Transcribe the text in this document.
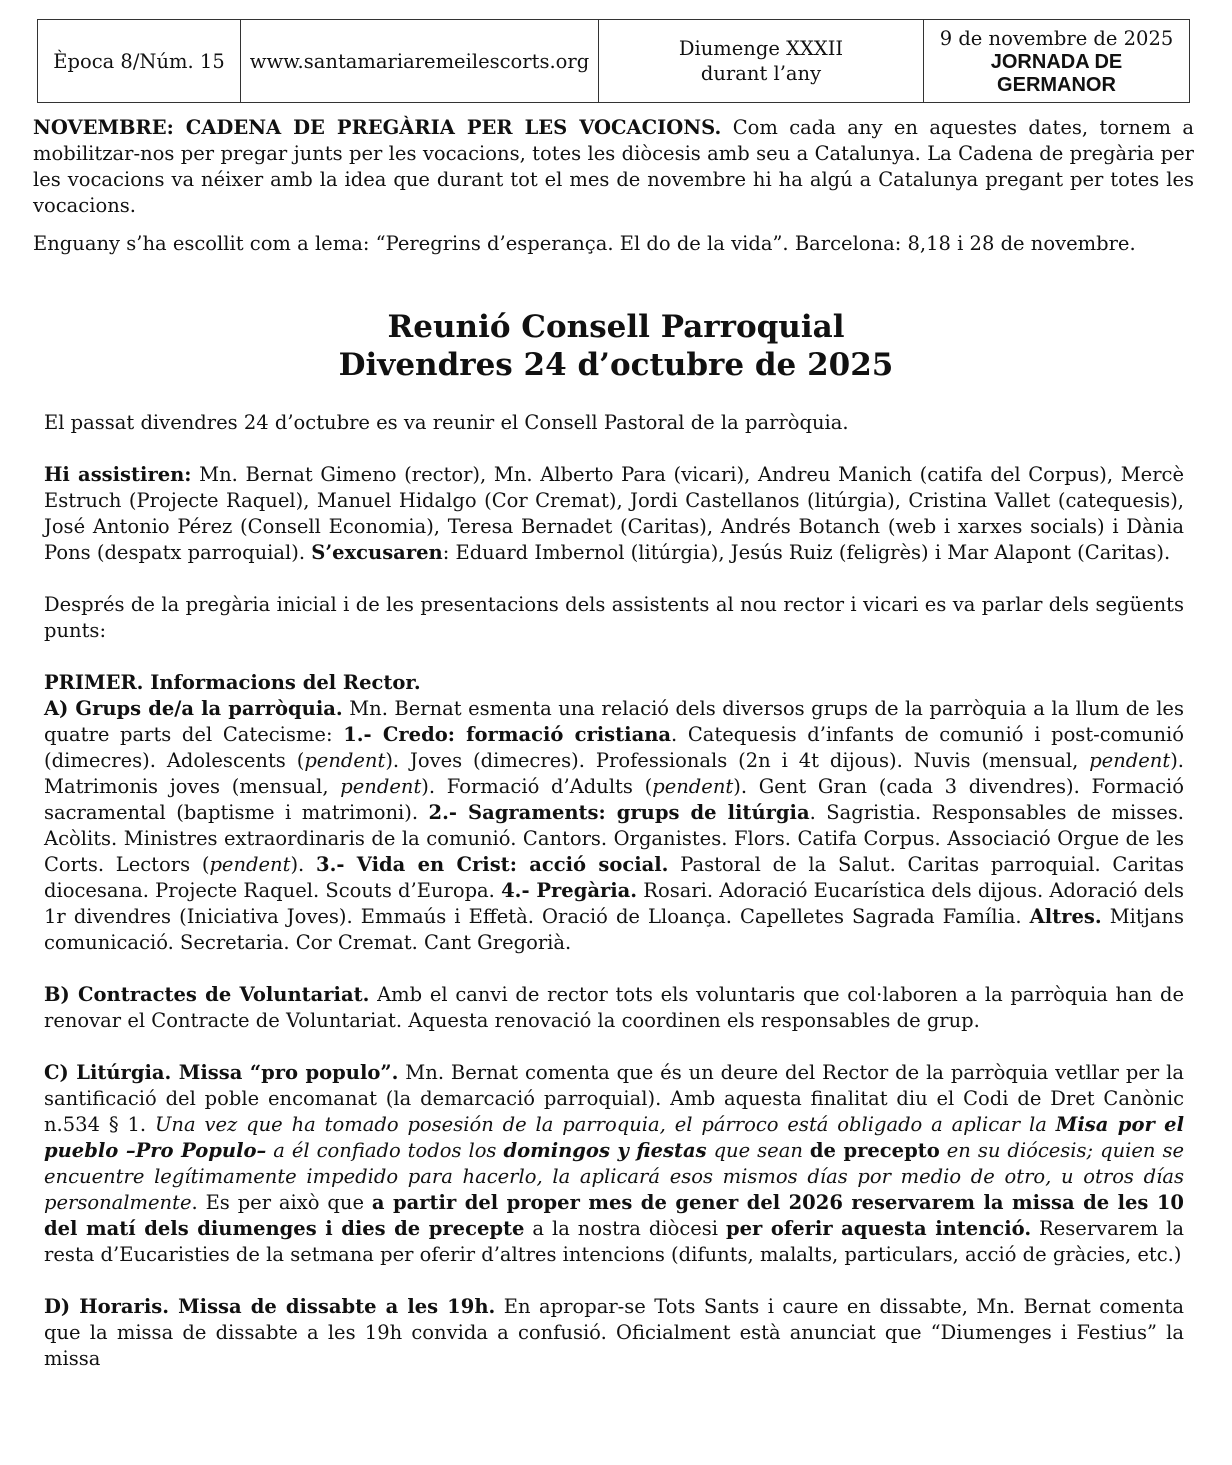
Època 8/Núm. 15 www.santamariaremeilescorts.org
Diumenge XXXII
durant l’any
9 de novembre de 2025
JORNADA DE
GERMANOR

NOVEMBRE: CADENA DE PREGÀRIA PER LES VOCACIONS. Com cada any en aquestes dates, tornem a mobilitzar-nos per pregar junts per les vocacions, totes les diòcesis amb seu a Catalunya. La Cadena de pregària per les vocacions va néixer amb la idea que durant tot el mes de novembre hi ha algú a Catalunya pregant per totes les vocacions.

Enguany s’ha escollit com a lema: “Peregrins d’esperança. El do de la vida”. Barcelona: 8,18 i 28 de novembre.

Reunió Consell Parroquial
Divendres 24 d’octubre de 2025

El passat divendres 24 d’octubre es va reunir el Consell Pastoral de la parròquia.

Hi assistiren: Mn. Bernat Gimeno (rector), Mn. Alberto Para (vicari), Andreu Manich (catifa del Corpus), Mercè Estruch (Projecte Raquel), Manuel Hidalgo (Cor Cremat), Jordi Castellanos (litúrgia), Cristina Vallet (catequesis), José Antonio Pérez (Consell Economia), Teresa Bernadet (Caritas), Andrés Botanch (web i xarxes socials) i Dània Pons (despatx parroquial). S’excusaren: Eduard Imbernol (litúrgia), Jesús Ruiz (feligrès) i Mar Alapont (Caritas).

Després de la pregària inicial i de les presentacions dels assistents al nou rector i vicari es va parlar dels següents punts:

PRIMER. Informacions del Rector.

A) Grups de/a la parròquia. Mn. Bernat esmenta una relació dels diversos grups de la parròquia a la llum de les quatre parts del Catecisme: 1.- Credo: formació cristiana. Catequesis d’infants de comunió i post-comunió (dimecres). Adolescents (pendent). Joves (dimecres). Professionals (2n i 4t dijous). Nuvis (mensual, pendent). Matrimonis joves (mensual, pendent). Formació d’Adults (pendent). Gent Gran (cada 3 divendres). Formació sacramental (baptisme i matrimoni). 2.- Sagraments: grups de litúrgia. Sagristia. Responsables de misses. Acòlits. Ministres extraordinaris de la comunió. Cantors. Organistes. Flors. Catifa Corpus. Associació Orgue de les Corts. Lectors (pendent). 3.- Vida en Crist: acció social. Pastoral de la Salut. Caritas parroquial. Caritas diocesana. Projecte Raquel. Scouts d’Europa. 4.- Pregària. Rosari. Adoració Eucarística dels dijous. Adoració dels 1r divendres (Iniciativa Joves). Emmaús i Effetà. Oració de Lloança. Capelletes Sagrada Família. Altres. Mitjans comunicació. Secretaria. Cor Cremat. Cant Gregorià.

B) Contractes de Voluntariat. Amb el canvi de rector tots els voluntaris que col·laboren a la parròquia han de renovar el Contracte de Voluntariat. Aquesta renovació la coordinen els responsables de grup.

C) Litúrgia. Missa “pro populo”. Mn. Bernat comenta que és un deure del Rector de la parròquia vetllar per la santificació del poble encomanat (la demarcació parroquial). Amb aquesta finalitat diu el Codi de Dret Canònic n.534 § 1. Una vez que ha tomado posesión de la parroquia, el párroco está obligado a aplicar la Misa por el pueblo –Pro Populo– a él confiado todos los domingos y fiestas que sean de precepto en su diócesis; quien se encuentre legítimamente impedido para hacerlo, la aplicará esos mismos días por medio de otro, u otros días personalmente. Es per això que a partir del proper mes de gener del 2026 reservarem la missa de les 10 del matí dels diumenges i dies de precepte a la nostra diòcesi per oferir aquesta intenció. Reservarem la resta d’Eucaristies de la setmana per oferir d’altres intencions (difunts, malalts, particulars, acció de gràcies, etc.)

D) Horaris. Missa de dissabte a les 19h. En apropar-se Tots Sants i caure en dissabte, Mn. Bernat comenta que la missa de dissabte a les 19h convida a confusió. Oficialment està anunciat que “Diumenges i Festius” la missa
